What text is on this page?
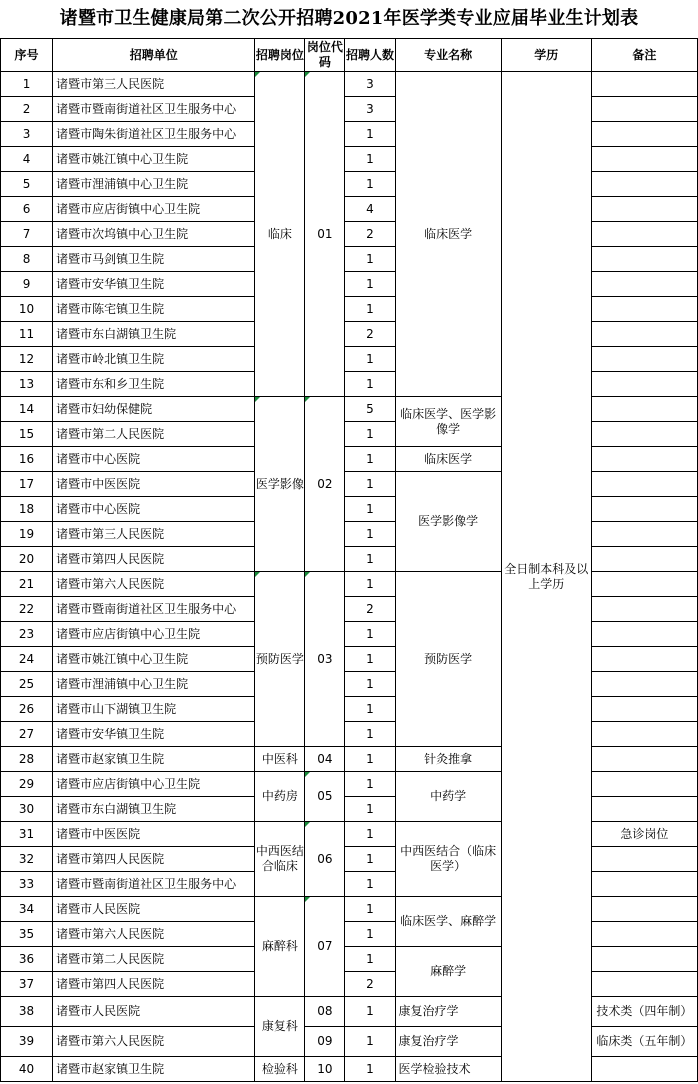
诸暨市卫生健康局第二次公开招聘2021年医学类专业应届毕业生计划表
序号	招聘单位	招聘岗位	岗位代码	招聘人数	专业名称	学历	备注
1	诸暨市第三人民医院	临床	01	3	临床医学	全日制本科及以上学历	
2	诸暨市暨南街道社区卫生服务中心			3			
3	诸暨市陶朱街道社区卫生服务中心			1			
4	诸暨市姚江镇中心卫生院			1			
5	诸暨市浬浦镇中心卫生院			1			
6	诸暨市应店街镇中心卫生院			4			
7	诸暨市次坞镇中心卫生院			2			
8	诸暨市马剑镇卫生院			1			
9	诸暨市安华镇卫生院			1			
10	诸暨市陈宅镇卫生院			1			
11	诸暨市东白湖镇卫生院			2			
12	诸暨市岭北镇卫生院			1			
13	诸暨市东和乡卫生院			1			
14	诸暨市妇幼保健院	医学影像	02	5	临床医学、医学影像学		
15	诸暨市第二人民医院			1			
16	诸暨市中心医院			1	临床医学		
17	诸暨市中医医院			1	医学影像学		
18	诸暨市中心医院			1			
19	诸暨市第三人民医院			1			
20	诸暨市第四人民医院			1			
21	诸暨市第六人民医院	预防医学	03	1	预防医学		
22	诸暨市暨南街道社区卫生服务中心			2			
23	诸暨市应店街镇中心卫生院			1			
24	诸暨市姚江镇中心卫生院			1			
25	诸暨市浬浦镇中心卫生院			1			
26	诸暨市山下湖镇卫生院			1			
27	诸暨市安华镇卫生院			1			
28	诸暨市赵家镇卫生院	中医科	04	1	针灸推拿		
29	诸暨市应店街镇中心卫生院	中药房	05	1	中药学		
30	诸暨市东白湖镇卫生院			1			
31	诸暨市中医医院	中西医结合临床	06	1	中西医结合（临床医学）		急诊岗位
32	诸暨市第四人民医院			1			
33	诸暨市暨南街道社区卫生服务中心			1			
34	诸暨市人民医院	麻醉科	07	1	临床医学、麻醉学		
35	诸暨市第六人民医院			1			
36	诸暨市第二人民医院			1	麻醉学		
37	诸暨市第四人民医院			2			
38	诸暨市人民医院	康复科	08	1	康复治疗学		技术类（四年制）
39	诸暨市第六人民医院		09	1	康复治疗学		临床类（五年制）
40	诸暨市赵家镇卫生院	检验科	10	1	医学检验技术		
